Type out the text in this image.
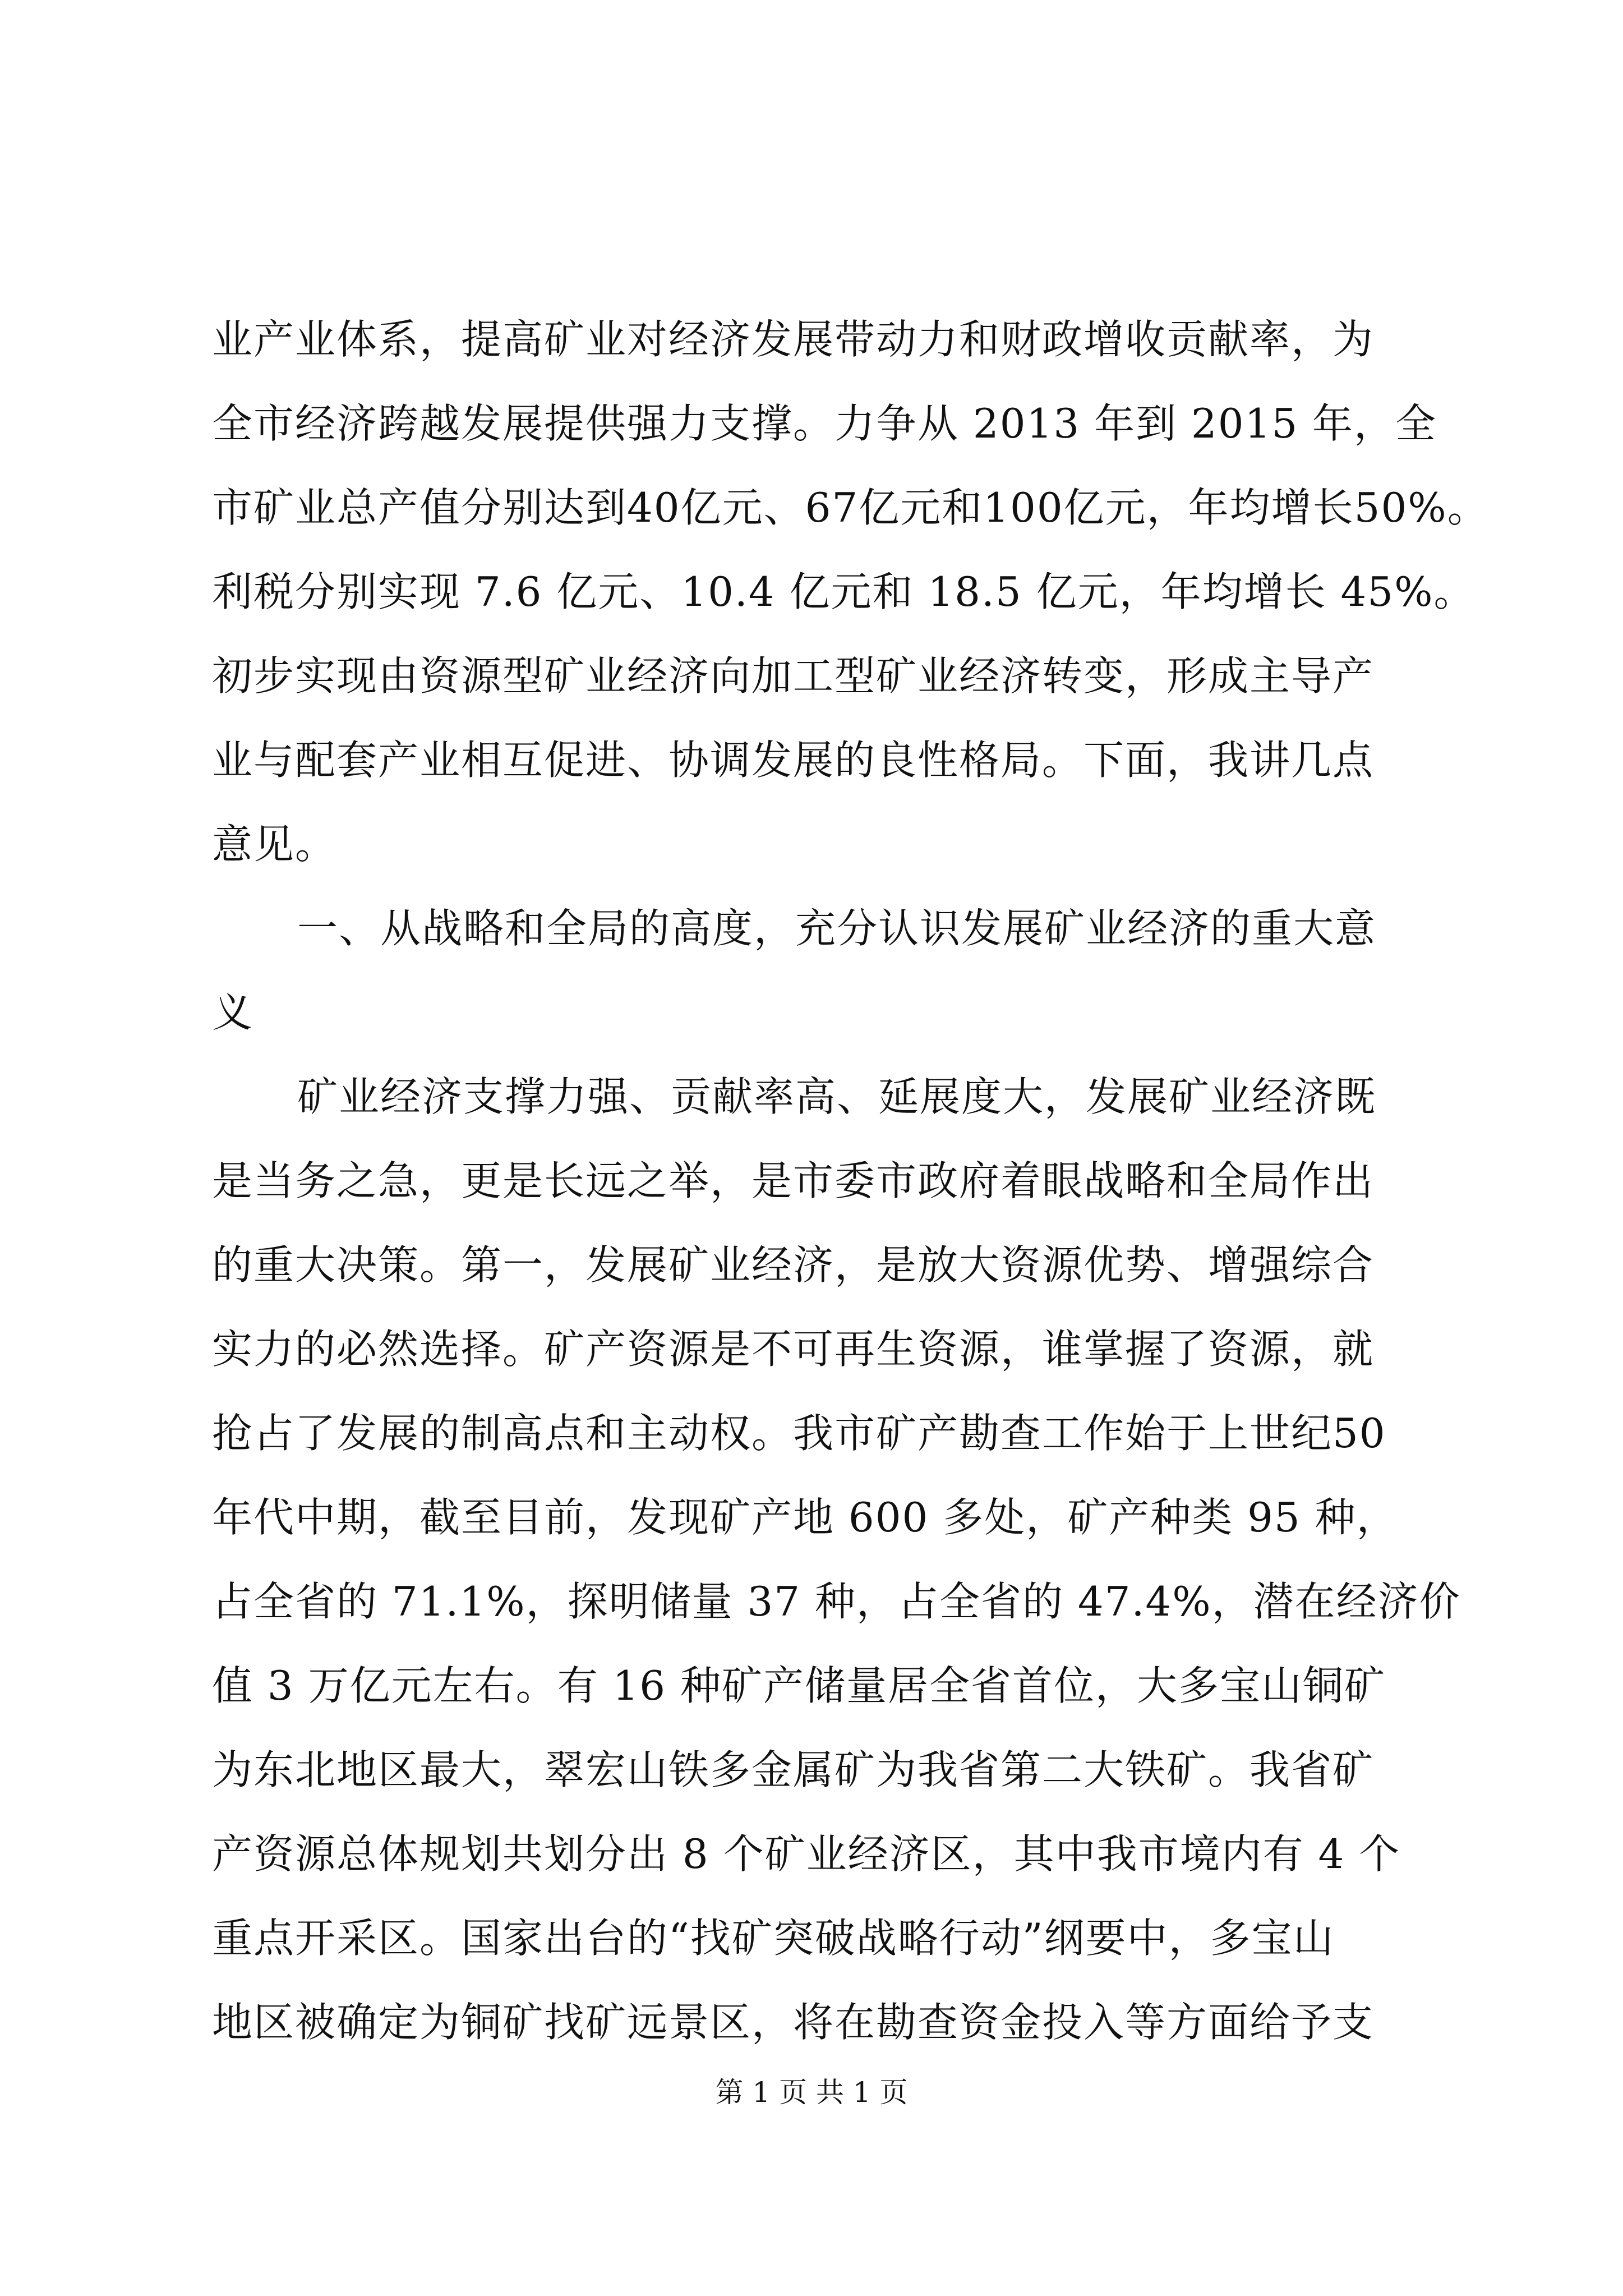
业产业体系，提高矿业对经济发展带动力和财政增收贡献率，为
全市经济跨越发展提供强力支撑。力争从 2013 年到 2015 年，全
市矿业总产值分别达到40亿元、67亿元和100亿元，年均增长50%。
利税分别实现 7.6 亿元、10.4 亿元和 18.5 亿元，年均增长 45%。
初步实现由资源型矿业经济向加工型矿业经济转变，形成主导产
业与配套产业相互促进、协调发展的良性格局。下面，我讲几点
意见。
一、从战略和全局的高度，充分认识发展矿业经济的重大意
义
矿业经济支撑力强、贡献率高、延展度大，发展矿业经济既
是当务之急，更是长远之举，是市委市政府着眼战略和全局作出
的重大决策。第一，发展矿业经济，是放大资源优势、增强综合
实力的必然选择。矿产资源是不可再生资源，谁掌握了资源，就
抢占了发展的制高点和主动权。我市矿产勘查工作始于上世纪50
年代中期，截至目前，发现矿产地 600 多处，矿产种类 95 种，
占全省的 71.1%，探明储量 37 种，占全省的 47.4%，潜在经济价
值 3 万亿元左右。有 16 种矿产储量居全省首位，大多宝山铜矿
为东北地区最大，翠宏山铁多金属矿为我省第二大铁矿。我省矿
产资源总体规划共划分出 8 个矿业经济区，其中我市境内有 4 个
重点开采区。国家出台的“找矿突破战略行动”纲要中，多宝山
地区被确定为铜矿找矿远景区，将在勘查资金投入等方面给予支
第 1 页 共 1 页
